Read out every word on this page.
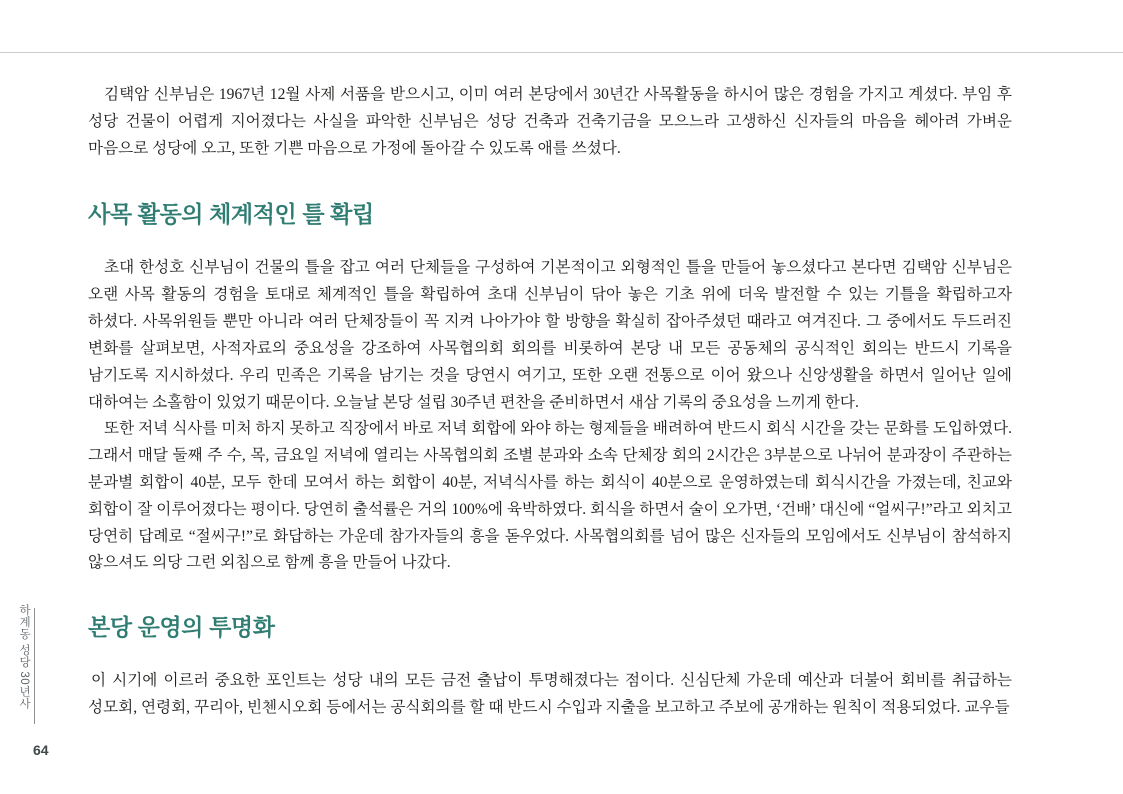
하계동 성당 30년사
64

김택암 신부님은 1967년 12월 사제 서품을 받으시고, 이미 여러 본당에서 30년간 사목활동을 하시어 많은 경험을 가지고 계셨다. 부임 후 성당 건물이 어렵게 지어졌다는 사실을 파악한 신부님은 성당 건축과 건축기금을 모으느라 고생하신 신자들의 마음을 헤아려 가벼운 마음으로 성당에 오고, 또한 기쁜 마음으로 가정에 돌아갈 수 있도록 애를 쓰셨다.

사목 활동의 체계적인 틀 확립

초대 한성호 신부님이 건물의 틀을 잡고 여러 단체들을 구성하여 기본적이고 외형적인 틀을 만들어 놓으셨다고 본다면 김택암 신부님은 오랜 사목 활동의 경험을 토대로 체계적인 틀을 확립하여 초대 신부님이 닦아 놓은 기초 위에 더욱 발전할 수 있는 기틀을 확립하고자 하셨다. 사목위원들 뿐만 아니라 여러 단체장들이 꼭 지켜 나아가야 할 방향을 확실히 잡아주셨던 때라고 여겨진다. 그 중에서도 두드러진 변화를 살펴보면, 사적자료의 중요성을 강조하여 사목협의회 회의를 비롯하여 본당 내 모든 공동체의 공식적인 회의는 반드시 기록을 남기도록 지시하셨다. 우리 민족은 기록을 남기는 것을 당연시 여기고, 또한 오랜 전통으로 이어 왔으나 신앙생활을 하면서 일어난 일에 대하여는 소홀함이 있었기 때문이다. 오늘날 본당 설립 30주년 편찬을 준비하면서 새삼 기록의 중요성을 느끼게 한다.

또한 저녁 식사를 미처 하지 못하고 직장에서 바로 저녁 회합에 와야 하는 형제들을 배려하여 반드시 회식 시간을 갖는 문화를 도입하였다. 그래서 매달 둘째 주 수, 목, 금요일 저녁에 열리는 사목협의회 조별 분과와 소속 단체장 회의 2시간은 3부분으로 나뉘어 분과장이 주관하는 분과별 회합이 40분, 모두 한데 모여서 하는 회합이 40분, 저녁식사를 하는 회식이 40분으로 운영하였는데 회식시간을 가졌는데, 친교와 회합이 잘 이루어졌다는 평이다. 당연히 출석률은 거의 100%에 육박하였다. 회식을 하면서 술이 오가면, ‘건배’ 대신에 “얼씨구!”라고 외치고 당연히 답례로 “절씨구!”로 화답하는 가운데 참가자들의 흥을 돋우었다. 사목협의회를 넘어 많은 신자들의 모임에서도 신부님이 참석하지 않으셔도 의당 그런 외침으로 함께 흥을 만들어 나갔다.

본당 운영의 투명화

이 시기에 이르러 중요한 포인트는 성당 내의 모든 금전 출납이 투명해졌다는 점이다. 신심단체 가운데 예산과 더불어 회비를 취급하는 성모회, 연령회, 꾸리아, 빈첸시오회 등에서는 공식회의를 할 때 반드시 수입과 지출을 보고하고 주보에 공개하는 원칙이 적용되었다. 교우들
